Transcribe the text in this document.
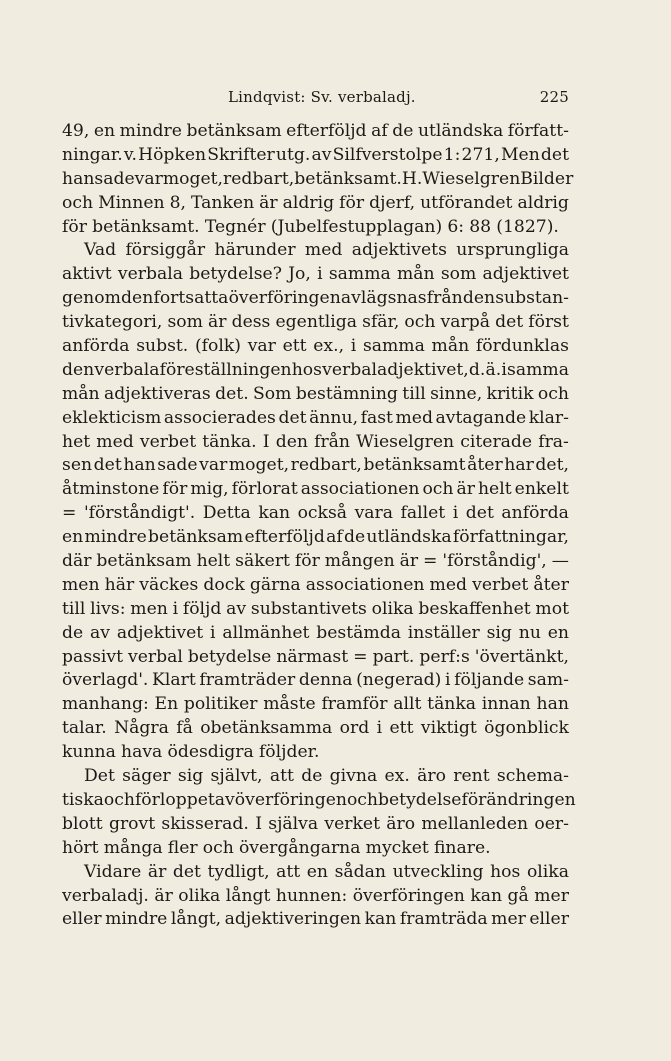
Lindqvist: Sv. verbaladj.	225
49, en mindre betänksam efterföljd af de utländska författ-
ningar. v. Höpken Skrifter utg. av Silfverstolpe 1: 271, Men det
han sade var moget, redbart, betänksamt. H. Wieselgren Bilder
och Minnen 8, Tanken är aldrig för djerf, utförandet aldrig
för betänksamt. Tegnér (Jubelfestupplagan) 6: 88 (1827).
Vad försiggår härunder med adjektivets ursprungliga
aktivt verbala betydelse? Jo, i samma mån som adjektivet
genom den fortsatta överföringen avlägsnas från den substan-
tivkategori, som är dess egentliga sfär, och varpå det först
anförda subst. (folk) var ett ex., i samma mån fördunklas
den verbala föreställningen hos verbaladjektivet, d. ä. i samma
mån adjektiveras det. Som bestämning till sinne, kritik och
eklekticism associerades det ännu, fast med avtagande klar-
het med verbet tänka. I den från Wieselgren citerade fra-
sen det han sade var moget, redbart, betänksamt åter har det,
åtminstone för mig, förlorat associationen och är helt enkelt
= 'förståndigt'. Detta kan också vara fallet i det anförda
en mindre betänksam efterföljd af de utländska författningar,
där betänksam helt säkert för mången är = 'förståndig', —
men här väckes dock gärna associationen med verbet åter
till livs: men i följd av substantivets olika beskaffenhet mot
de av adjektivet i allmänhet bestämda inställer sig nu en
passivt verbal betydelse närmast = part. perf:s 'övertänkt,
överlagd'. Klart framträder denna (negerad) i följande sam-
manhang: En politiker måste framför allt tänka innan han
talar. Några få obetänksamma ord i ett viktigt ögonblick
kunna hava ödesdigra följder.
Det säger sig självt, att de givna ex. äro rent schema-
tiska och förloppet av överföringen och betydelseförändringen
blott grovt skisserad. I själva verket äro mellanleden oer-
hört många fler och övergångarna mycket finare.
Vidare är det tydligt, att en sådan utveckling hos olika
verbaladj. är olika långt hunnen: överföringen kan gå mer
eller mindre långt, adjektiveringen kan framträda mer eller
